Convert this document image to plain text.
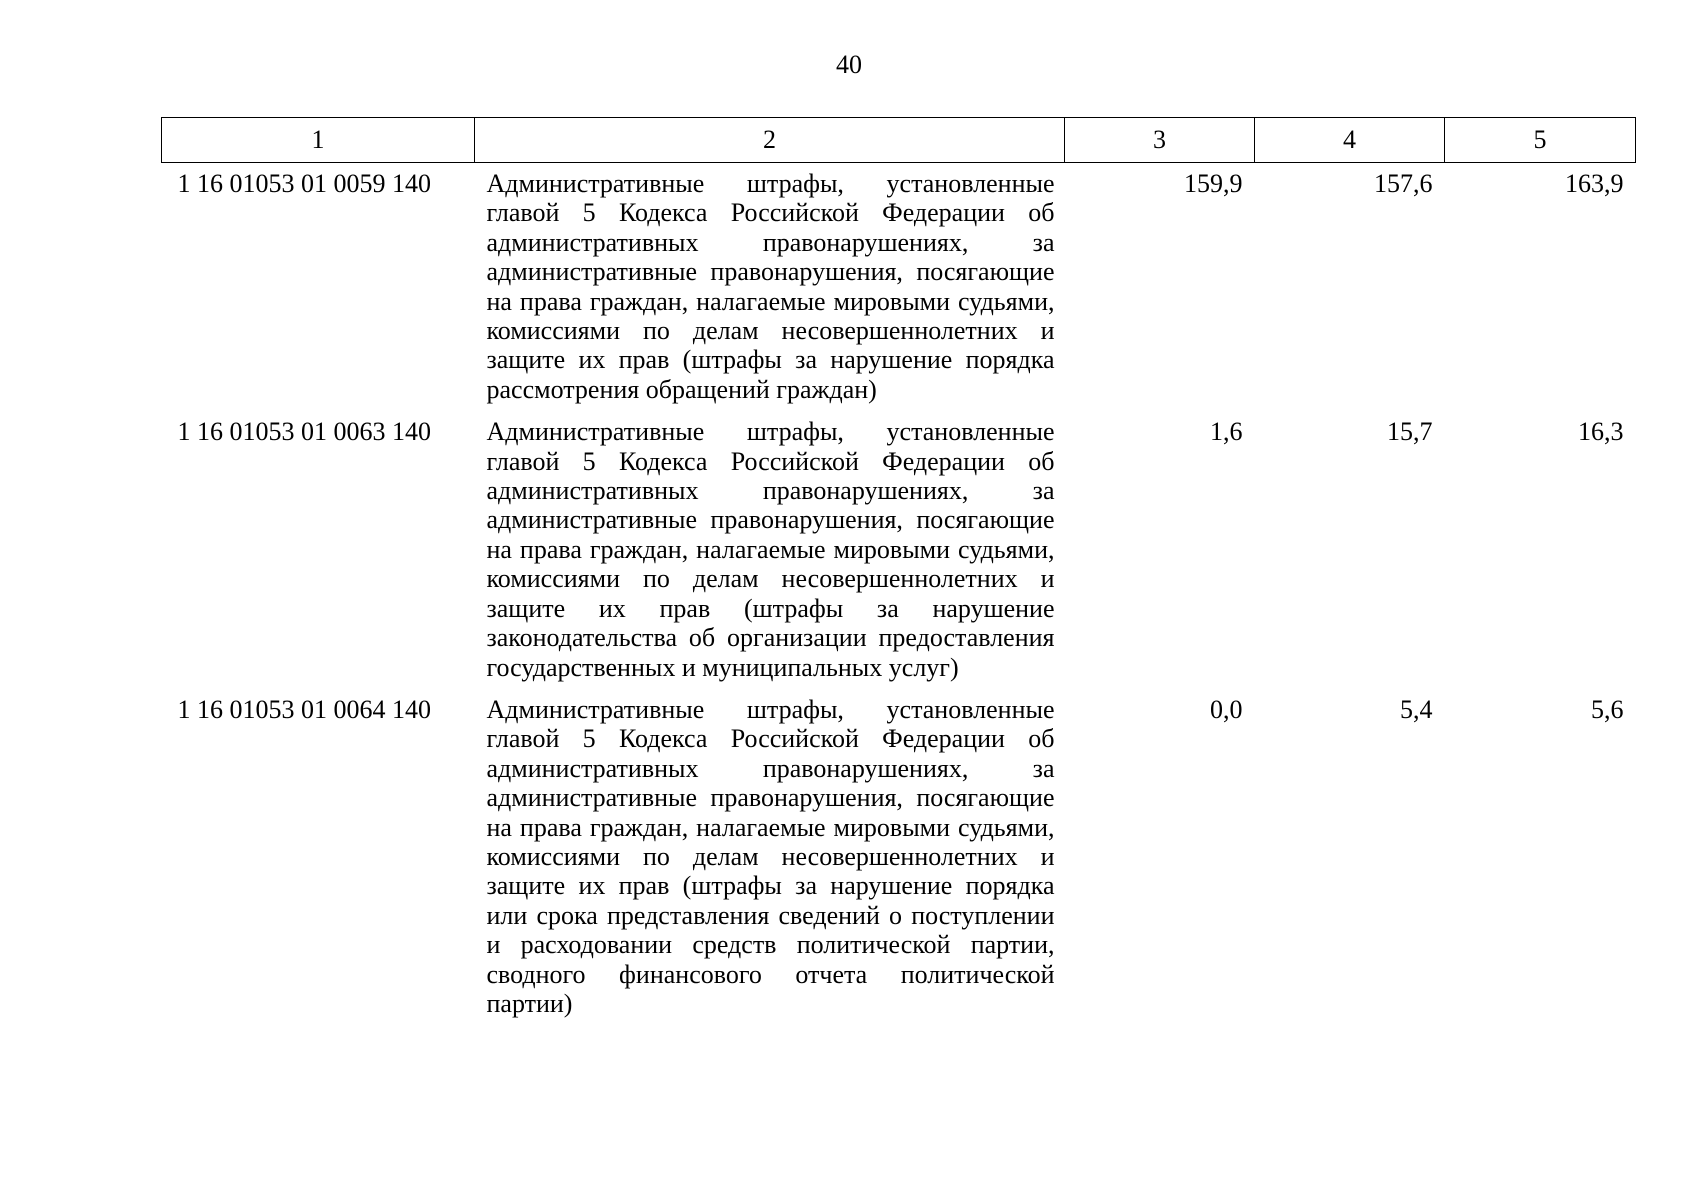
40
1	2	3	4	5
1 16 01053 01 0059 140	Административные штрафы, установленные главой 5 Кодекса Российской Федерации об административных правонарушениях, за административные правонарушения, посягающие на права граждан, налагаемые мировыми судьями, комиссиями по делам несовершеннолетних и защите их прав (штрафы за нарушение порядка рассмотрения обращений граждан)	159,9	157,6	163,9
1 16 01053 01 0063 140	Административные штрафы, установленные главой 5 Кодекса Российской Федерации об административных правонарушениях, за административные правонарушения, посягающие на права граждан, налагаемые мировыми судьями, комиссиями по делам несовершеннолетних и защите их прав (штрафы за нарушение законодательства об организации предоставления государственных и муниципальных услуг)	1,6	15,7	16,3
1 16 01053 01 0064 140	Административные штрафы, установленные главой 5 Кодекса Российской Федерации об административных правонарушениях, за административные правонарушения, посягающие на права граждан, налагаемые мировыми судьями, комиссиями по делам несовершеннолетних и защите их прав (штрафы за нарушение порядка или срока представления сведений о поступлении и расходовании средств политической партии, сводного финансового отчета политической партии)	0,0	5,4	5,6
